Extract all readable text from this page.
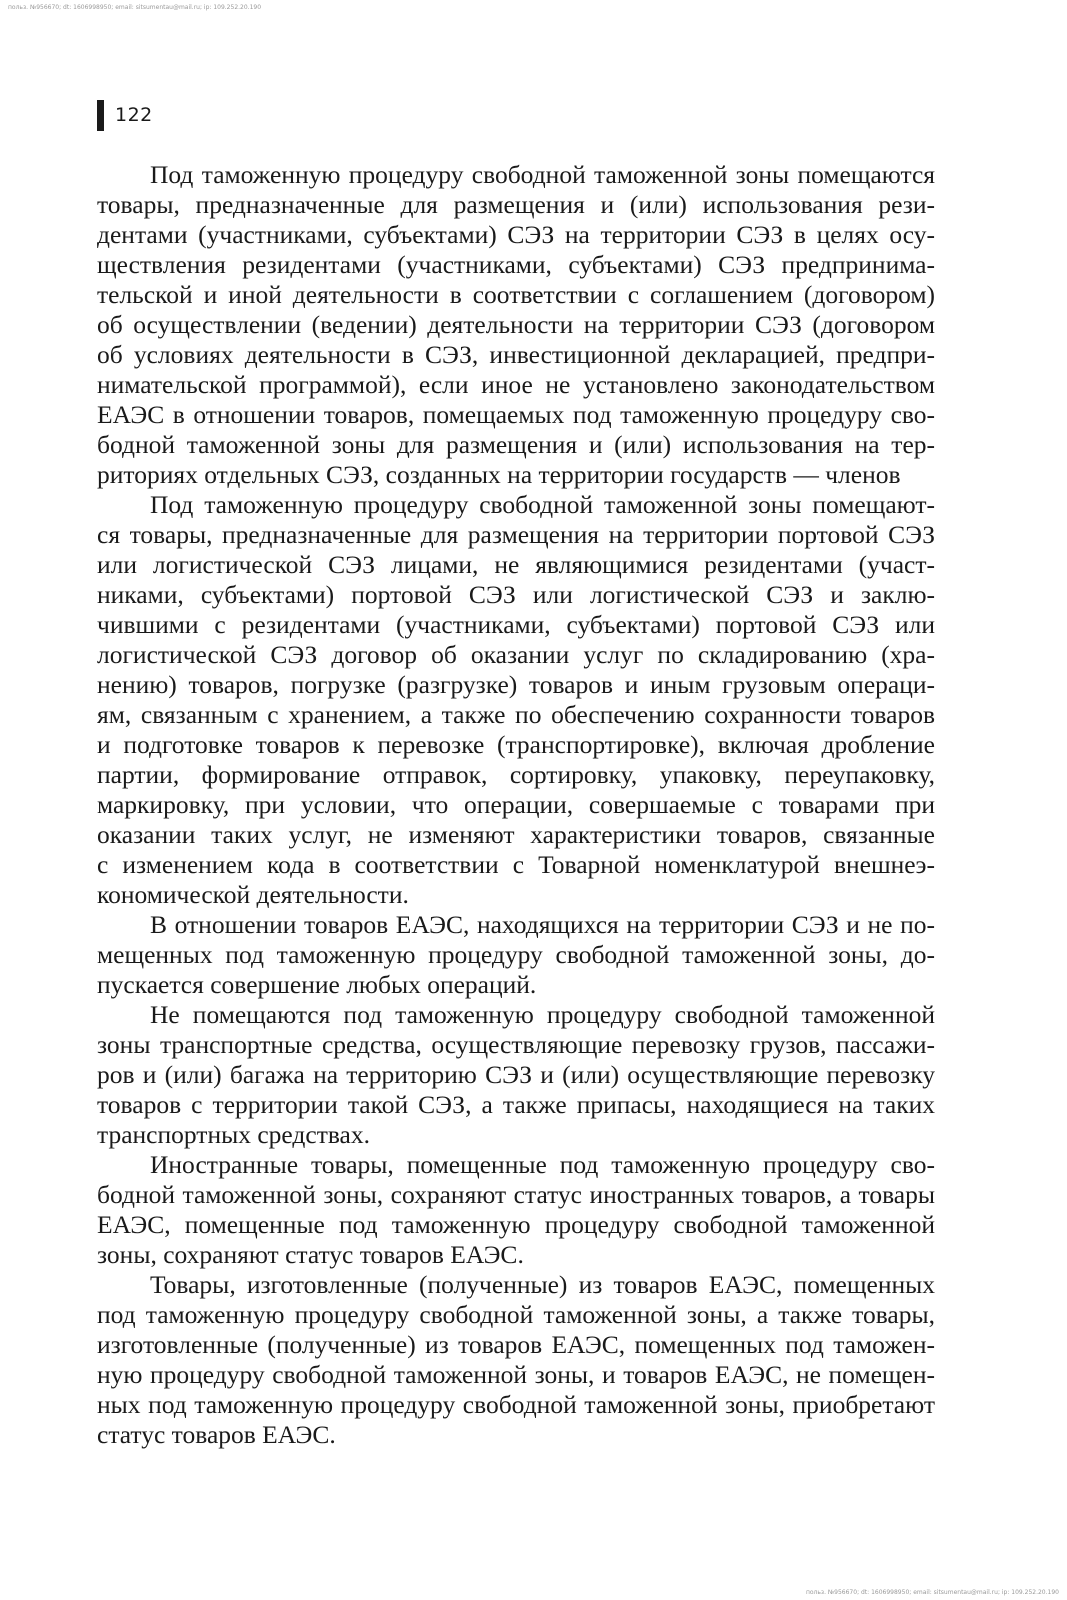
польз. №956670; dt: 1606998950; email: sitsumentau@mail.ru; ip: 109.252.20.190
122

Под таможенную процедуру свободной таможенной зоны помещаются
товары, предназначенные для размещения и (или) использования рези-
дентами (участниками, субъектами) СЭЗ на территории СЭЗ в целях осу-
ществления резидентами (участниками, субъектами) СЭЗ предпринима-
тельской и иной деятельности в соответствии с соглашением (договором)
об осуществлении (ведении) деятельности на территории СЭЗ (договором
об условиях деятельности в СЭЗ, инвестиционной декларацией, предпри-
нимательской программой), если иное не установлено законодательством
ЕАЭС в отношении товаров, помещаемых под таможенную процедуру сво-
бодной таможенной зоны для размещения и (или) использования на тер-
риториях отдельных СЭЗ, созданных на территории государств — членов

Под таможенную процедуру свободной таможенной зоны помещают-
ся товары, предназначенные для размещения на территории портовой СЭЗ
или логистической СЭЗ лицами, не являющимися резидентами (участ-
никами, субъектами) портовой СЭЗ или логистической СЭЗ и заклю-
чившими с резидентами (участниками, субъектами) портовой СЭЗ или
логистической СЭЗ договор об оказании услуг по складированию (хра-
нению) товаров, погрузке (разгрузке) товаров и иным грузовым операци-
ям, связанным с хранением, а также по обеспечению сохранности товаров
и подготовке товаров к перевозке (транспортировке), включая дробление
партии, формирование отправок, сортировку, упаковку, переупаковку,
маркировку, при условии, что операции, совершаемые с товарами при
оказании таких услуг, не изменяют характеристики товаров, связанные
с изменением кода в соответствии с Товарной номенклатурой внешнеэ-
кономической деятельности.

В отношении товаров ЕАЭС, находящихся на территории СЭЗ и не по-
мещенных под таможенную процедуру свободной таможенной зоны, до-
пускается совершение любых операций.

Не помещаются под таможенную процедуру свободной таможенной
зоны транспортные средства, осуществляющие перевозку грузов, пассажи-
ров и (или) багажа на территорию СЭЗ и (или) осуществляющие перевозку
товаров с территории такой СЭЗ, а также припасы, находящиеся на таких
транспортных средствах.

Иностранные товары, помещенные под таможенную процедуру сво-
бодной таможенной зоны, сохраняют статус иностранных товаров, а товары
ЕАЭС, помещенные под таможенную процедуру свободной таможенной
зоны, сохраняют статус товаров ЕАЭС.

Товары, изготовленные (полученные) из товаров ЕАЭС, помещенных
под таможенную процедуру свободной таможенной зоны, а также товары,
изготовленные (полученные) из товаров ЕАЭС, помещенных под таможен-
ную процедуру свободной таможенной зоны, и товаров ЕАЭС, не помещен-
ных под таможенную процедуру свободной таможенной зоны, приобретают
статус товаров ЕАЭС.

польз. №956670; dt: 1606998950; email: sitsumentau@mail.ru; ip: 109.252.20.190
